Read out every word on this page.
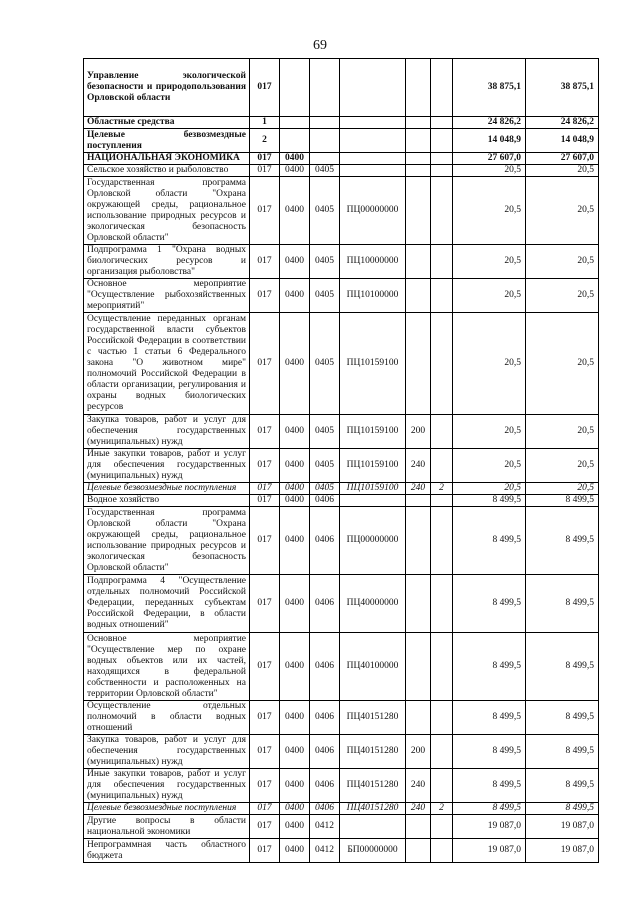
69
Управление экологической безопасности и природопользования Орловской области	017						38 875,1	38 875,1
Областные средства	1						24 826,2	24 826,2
Целевые безвозмездные поступления	2						14 048,9	14 048,9
НАЦИОНАЛЬНАЯ ЭКОНОМИКА	017	0400					27 607,0	27 607,0
Сельское хозяйство и рыболовство	017	0400	0405				20,5	20,5
Государственная программа Орловской области "Охрана окружающей среды, рациональное использование природных ресурсов и экологическая безопасность Орловской области"	017	0400	0405	ПЦ00000000			20,5	20,5
Подпрограмма 1 "Охрана водных биологических ресурсов и организация рыболовства"	017	0400	0405	ПЦ10000000			20,5	20,5
Основное мероприятие "Осуществление рыбохозяйственных мероприятий"	017	0400	0405	ПЦ10100000			20,5	20,5
Осуществление переданных органам государственной власти субъектов Российской Федерации в соответствии с частью 1 статьи 6 Федерального закона "О животном мире" полномочий Российской Федерации в области организации, регулирования и охраны водных биологических ресурсов	017	0400	0405	ПЦ10159100			20,5	20,5
Закупка товаров, работ и услуг для обеспечения государственных (муниципальных) нужд	017	0400	0405	ПЦ10159100	200		20,5	20,5
Иные закупки товаров, работ и услуг для обеспечения государственных (муниципальных) нужд	017	0400	0405	ПЦ10159100	240		20,5	20,5
Целевые безвозмездные поступления	017	0400	0405	ПЦ10159100	240	2	20,5	20,5
Водное хозяйство	017	0400	0406				8 499,5	8 499,5
Государственная программа Орловской области "Охрана окружающей среды, рациональное использование природных ресурсов и экологическая безопасность Орловской области"	017	0400	0406	ПЦ00000000			8 499,5	8 499,5
Подпрограмма 4 "Осуществление отдельных полномочий Российской Федерации, переданных субъектам Российской Федерации, в области водных отношений"	017	0400	0406	ПЦ40000000			8 499,5	8 499,5
Основное мероприятие "Осуществление мер по охране водных объектов или их частей, находящихся в федеральной собственности и расположенных на территории Орловской области"	017	0400	0406	ПЦ40100000			8 499,5	8 499,5
Осуществление отдельных полномочий в области водных отношений	017	0400	0406	ПЦ40151280			8 499,5	8 499,5
Закупка товаров, работ и услуг для обеспечения государственных (муниципальных) нужд	017	0400	0406	ПЦ40151280	200		8 499,5	8 499,5
Иные закупки товаров, работ и услуг для обеспечения государственных (муниципальных) нужд	017	0400	0406	ПЦ40151280	240		8 499,5	8 499,5
Целевые безвозмездные поступления	017	0400	0406	ПЦ40151280	240	2	8 499,5	8 499,5
Другие вопросы в области национальной экономики	017	0400	0412				19 087,0	19 087,0
Непрограммная часть областного бюджета	017	0400	0412	БП00000000			19 087,0	19 087,0
